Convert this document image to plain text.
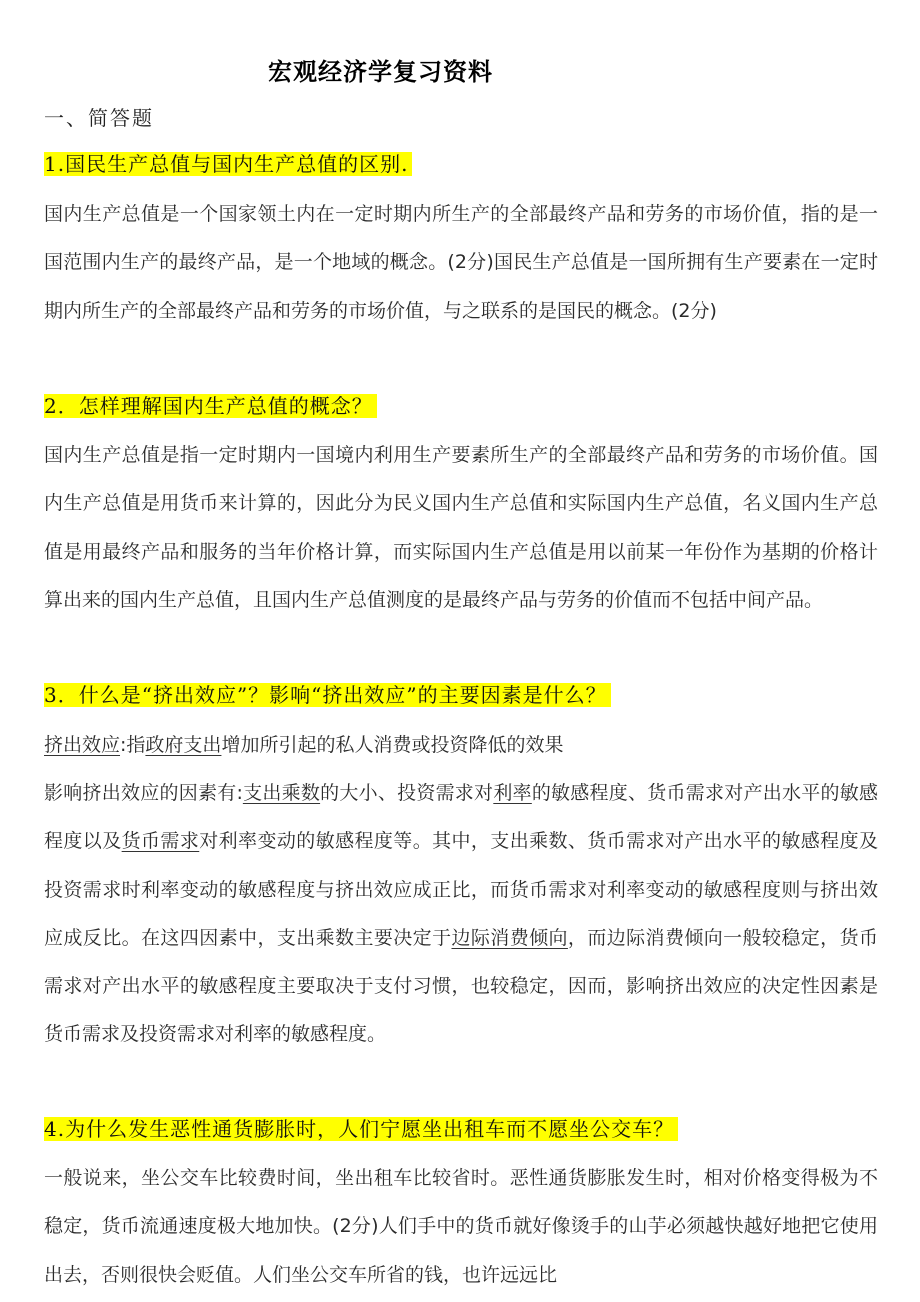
宏观经济学复习资料
一、简答题
1.国民生产总值与国内生产总值的区别.
国内生产总值是一个国家领土内在一定时期内所生产的全部最终产品和劳务的市场价值，指的是一国范围内生产的最终产品，是一个地域的概念。(2分)国民生产总值是一国所拥有生产要素在一定时期内所生产的全部最终产品和劳务的市场价值，与之联系的是国民的概念。(2分)
2．怎样理解国内生产总值的概念？
国内生产总值是指一定时期内一国境内利用生产要素所生产的全部最终产品和劳务的市场价值。国内生产总值是用货币来计算的，因此分为民义国内生产总值和实际国内生产总值，名义国内生产总值是用最终产品和服务的当年价格计算，而实际国内生产总值是用以前某一年份作为基期的价格计算出来的国内生产总值，且国内生产总值测度的是最终产品与劳务的价值而不包括中间产品。
3．什么是“挤出效应”？影响“挤出效应”的主要因素是什么？
挤出效应:指政府支出增加所引起的私人消费或投资降低的效果
影响挤出效应的因素有:支出乘数的大小、投资需求对利率的敏感程度、货币需求对产出水平的敏感程度以及货币需求对利率变动的敏感程度等。其中，支出乘数、货币需求对产出水平的敏感程度及投资需求时利率变动的敏感程度与挤出效应成正比，而货币需求对利率变动的敏感程度则与挤出效应成反比。在这四因素中，支出乘数主要决定于边际消费倾向，而边际消费倾向一般较稳定，货币需求对产出水平的敏感程度主要取决于支付习惯，也较稳定，因而，影响挤出效应的决定性因素是货币需求及投资需求对利率的敏感程度。
4.为什么发生恶性通货膨胀时，人们宁愿坐出租车而不愿坐公交车？
一般说来，坐公交车比较费时间，坐出租车比较省时。恶性通货膨胀发生时，相对价格变得极为不稳定，货币流通速度极大地加快。(2分)人们手中的货币就好像烫手的山芋必须越快越好地把它使用出去，否则很快会贬值。人们坐公交车所省的钱，也许远远比
